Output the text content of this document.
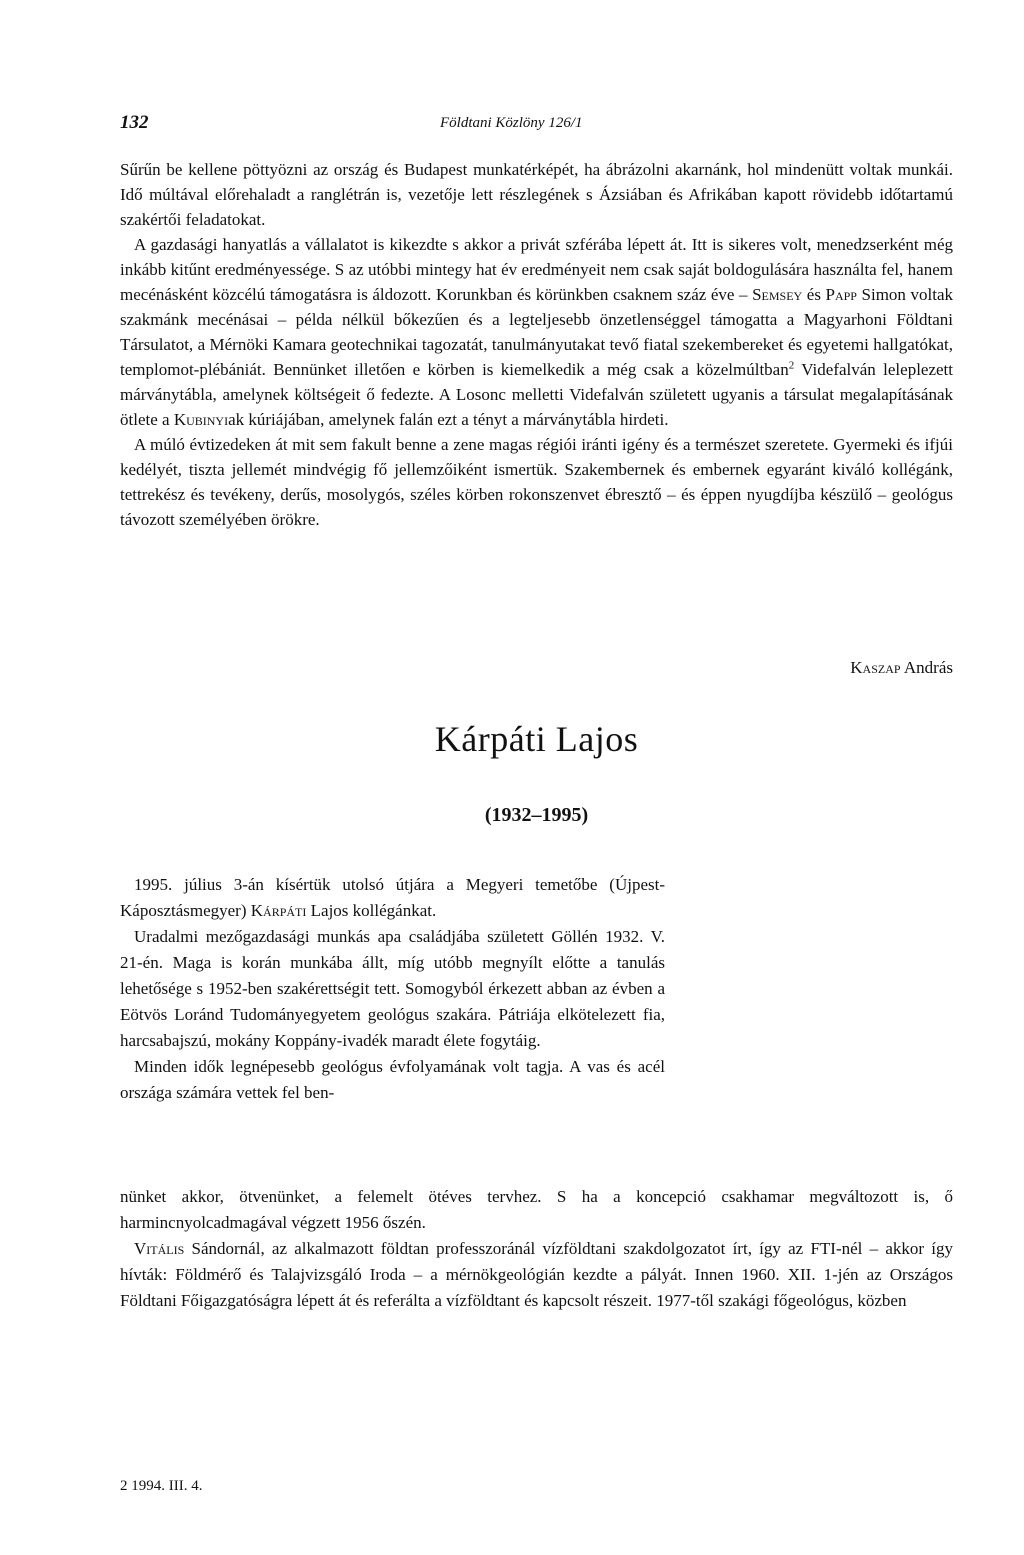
132	Földtani Közlöny 126/1

Sűrűn be kellene pöttyözni az ország és Budapest munkatérképét, ha ábrázolni akarnánk, hol mindenütt voltak munkái. Idő múltával előrehaladt a ranglétrán is, vezetője lett részlegének s Ázsiában és Afrikában kapott rövidebb időtartamú szakértői feladatokat.

A gazdasági hanyatlás a vállalatot is kikezdte s akkor a privát szférába lépett át. Itt is sikeres volt, menedzserként még inkább kitűnt eredményessége. S az utóbbi mintegy hat év eredményeit nem csak saját boldogulására használta fel, hanem mecénásként közcélú támogatásra is áldozott. Korunkban és körünkben csaknem száz éve – Semsey és Papp Simon voltak szakmánk mecénásai – példa nélkül bőkezűen és a legteljesebb önzetlenséggel támogatta a Magyarhoni Földtani Társulatot, a Mérnöki Kamara geotechnikai tagozatát, tanulmányutakat tevő fiatal szekembereket és egyetemi hallgatókat, templomot-plébániát. Bennünket illetően e körben is kiemelkedik a még csak a közelmúltban$^2$ Videfalván leleplezett márványtábla, amelynek költségeit ő fedezte. A Losonc melletti Videfalván született ugyanis a társulat megalapításának ötlete a Kubinyiak kúriájában, amelynek falán ezt a tényt a márványtábla hirdeti.

A múló évtizedeken át mit sem fakult benne a zene magas régiói iránti igény és a természet szeretete. Gyermeki és ifjúi kedélyét, tiszta jellemét mindvégig fő jellemzőiként ismertük. Szakembernek és embernek egyaránt kiváló kollégánk, tettrekész és tevékeny, derűs, mosolygós, széles körben rokonszenvet ébresztő – és éppen nyugdíjba készülő – geológus távozott személyében örökre.

Kaszap András
Kárpáti Lajos
(1932–1995)

1995. július 3-án kísértük utolsó útjára a Megyeri temetőbe (Újpest-Káposztásmegyer) Kárpáti Lajos kollégánkat.

Uradalmi mezőgazdasági munkás apa családjába született Göllén 1932. V. 21-én. Maga is korán munkába állt, míg utóbb megnyílt előtte a tanulás lehetősége s 1952-ben szakérettségit tett. Somogyból érkezett abban az évben a Eötvös Loránd Tudományegyetem geológus szakára. Pátriája elkötelezett fia, harcsabajszú, mokány Koppány-ivadék maradt élete fogytáig.

Minden idők legnépesebb geológus évfolyamának volt tagja. A vas és acél országa számára vettek fel ben-

nünket akkor, ötvenünket, a felemelt ötéves tervhez. S ha a koncepció csakhamar megváltozott is, ő harmincnyolcadmagával végzett 1956 őszén.

Vitális Sándornál, az alkalmazott földtan professzoránál vízföldtani szakdolgozatot írt, így az FTI-nél – akkor így hívták: Földmérő és Talajvizsgáló Iroda – a mérnökgeológián kezdte a pályát. Innen 1960. XII. 1-jén az Országos Földtani Főigazgatóságra lépett át és referálta a vízföldtant és kapcsolt részeit. 1977-től szakági főgeológus, közben

2 1994. III. 4.
